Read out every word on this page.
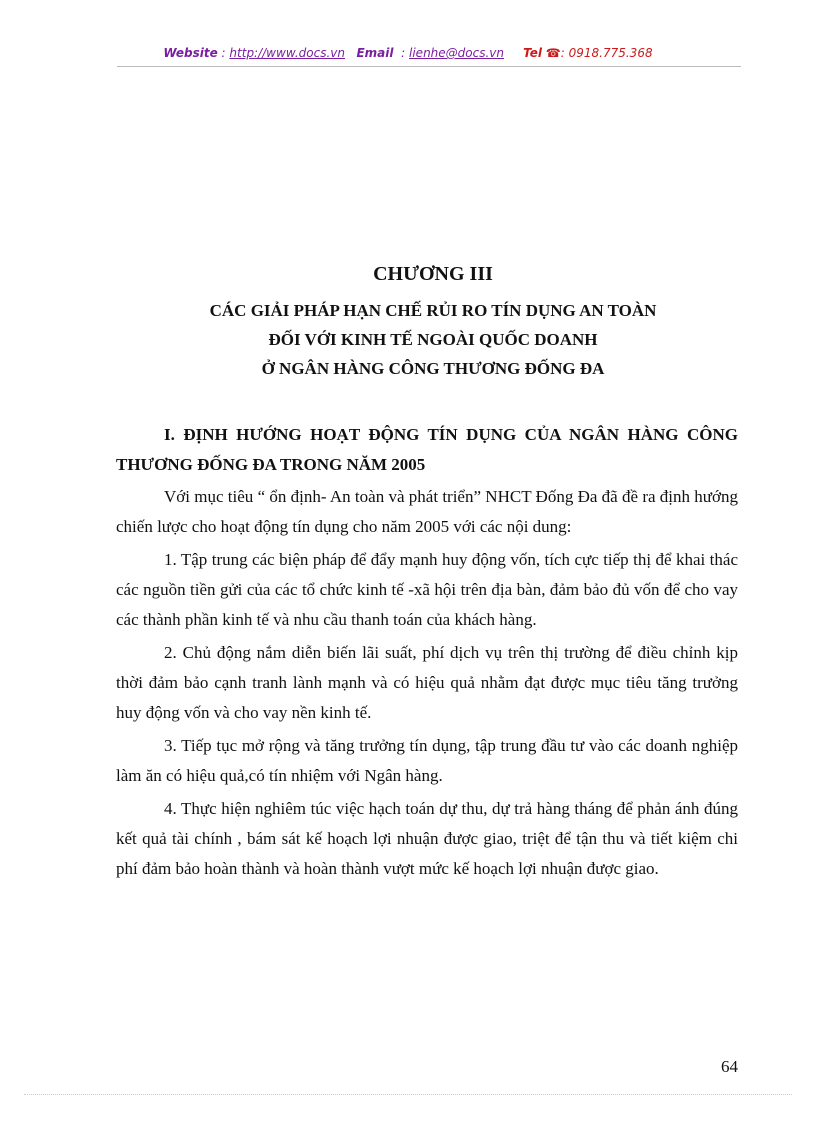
Website : http://www.docs.vn Email : lienhe@docs.vn Tel ☎: 0918.775.368

CHƯƠNG III

CÁC GIẢI PHÁP HẠN CHẾ RỦI RO TÍN DỤNG AN TOÀN

ĐỐI VỚI KINH TẾ NGOÀI QUỐC DOANH

Ở NGÂN HÀNG CÔNG THƯƠNG ĐỐNG ĐA

I. ĐỊNH HƯỚNG HOẠT ĐỘNG TÍN DỤNG CỦA NGÂN HÀNG CÔNG THƯƠNG ĐỐNG ĐA TRONG NĂM 2005

Với mục tiêu “ ổn định- An toàn và phát triển” NHCT Đống Đa đã đề ra định hướng chiến lược cho hoạt động tín dụng cho năm 2005 với các nội dung:

1. Tập trung các biện pháp để đẩy mạnh huy động vốn, tích cực tiếp thị để khai thác các nguồn tiền gửi của các tổ chức kinh tế -xã hội trên địa bàn, đảm bảo đủ vốn để cho vay các thành phần kinh tế và nhu cầu thanh toán của khách hàng.

2. Chủ động nắm diễn biến lãi suất, phí dịch vụ trên thị trường để điều chỉnh kịp thời đảm bảo cạnh tranh lành mạnh và có hiệu quả nhằm đạt được mục tiêu tăng trưởng huy động vốn và cho vay nền kinh tế.

3. Tiếp tục mở rộng và tăng trưởng tín dụng, tập trung đầu tư vào các doanh nghiệp làm ăn có hiệu quả,có tín nhiệm với Ngân hàng.

4. Thực hiện nghiêm túc việc hạch toán dự thu, dự trả hàng tháng để phản ánh đúng kết quả tài chính , bám sát kế hoạch lợi nhuận được giao, triệt để tận thu và tiết kiệm chi phí đảm bảo hoàn thành và hoàn thành vượt mức kế hoạch lợi nhuận được giao.

64
